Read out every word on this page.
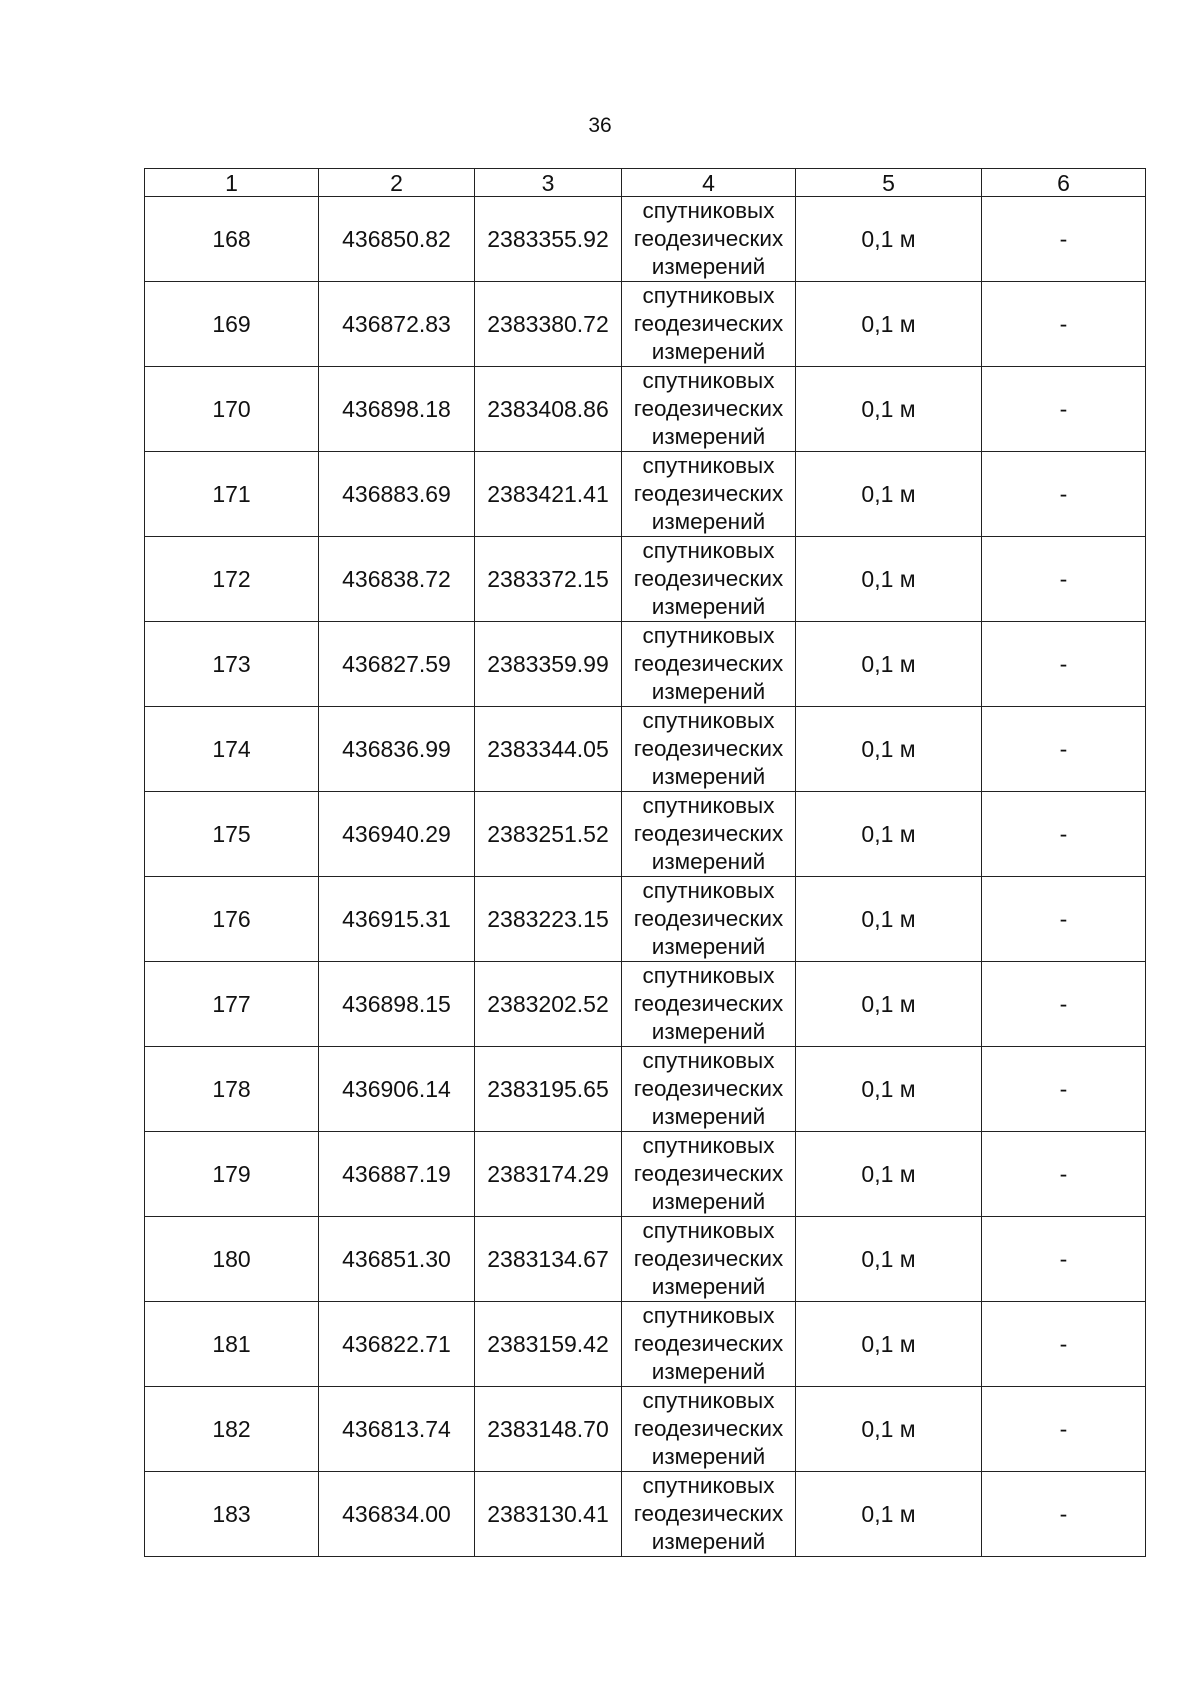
36
1	2	3	4	5	6
168	436850.82	2383355.92	спутниковых
геодезических
измерений	0,1 м	-
169	436872.83	2383380.72	спутниковых
геодезических
измерений	0,1 м	-
170	436898.18	2383408.86	спутниковых
геодезических
измерений	0,1 м	-
171	436883.69	2383421.41	спутниковых
геодезических
измерений	0,1 м	-
172	436838.72	2383372.15	спутниковых
геодезических
измерений	0,1 м	-
173	436827.59	2383359.99	спутниковых
геодезических
измерений	0,1 м	-
174	436836.99	2383344.05	спутниковых
геодезических
измерений	0,1 м	-
175	436940.29	2383251.52	спутниковых
геодезических
измерений	0,1 м	-
176	436915.31	2383223.15	спутниковых
геодезических
измерений	0,1 м	-
177	436898.15	2383202.52	спутниковых
геодезических
измерений	0,1 м	-
178	436906.14	2383195.65	спутниковых
геодезических
измерений	0,1 м	-
179	436887.19	2383174.29	спутниковых
геодезических
измерений	0,1 м	-
180	436851.30	2383134.67	спутниковых
геодезических
измерений	0,1 м	-
181	436822.71	2383159.42	спутниковых
геодезических
измерений	0,1 м	-
182	436813.74	2383148.70	спутниковых
геодезических
измерений	0,1 м	-
183	436834.00	2383130.41	спутниковых
геодезических
измерений	0,1 м	-
